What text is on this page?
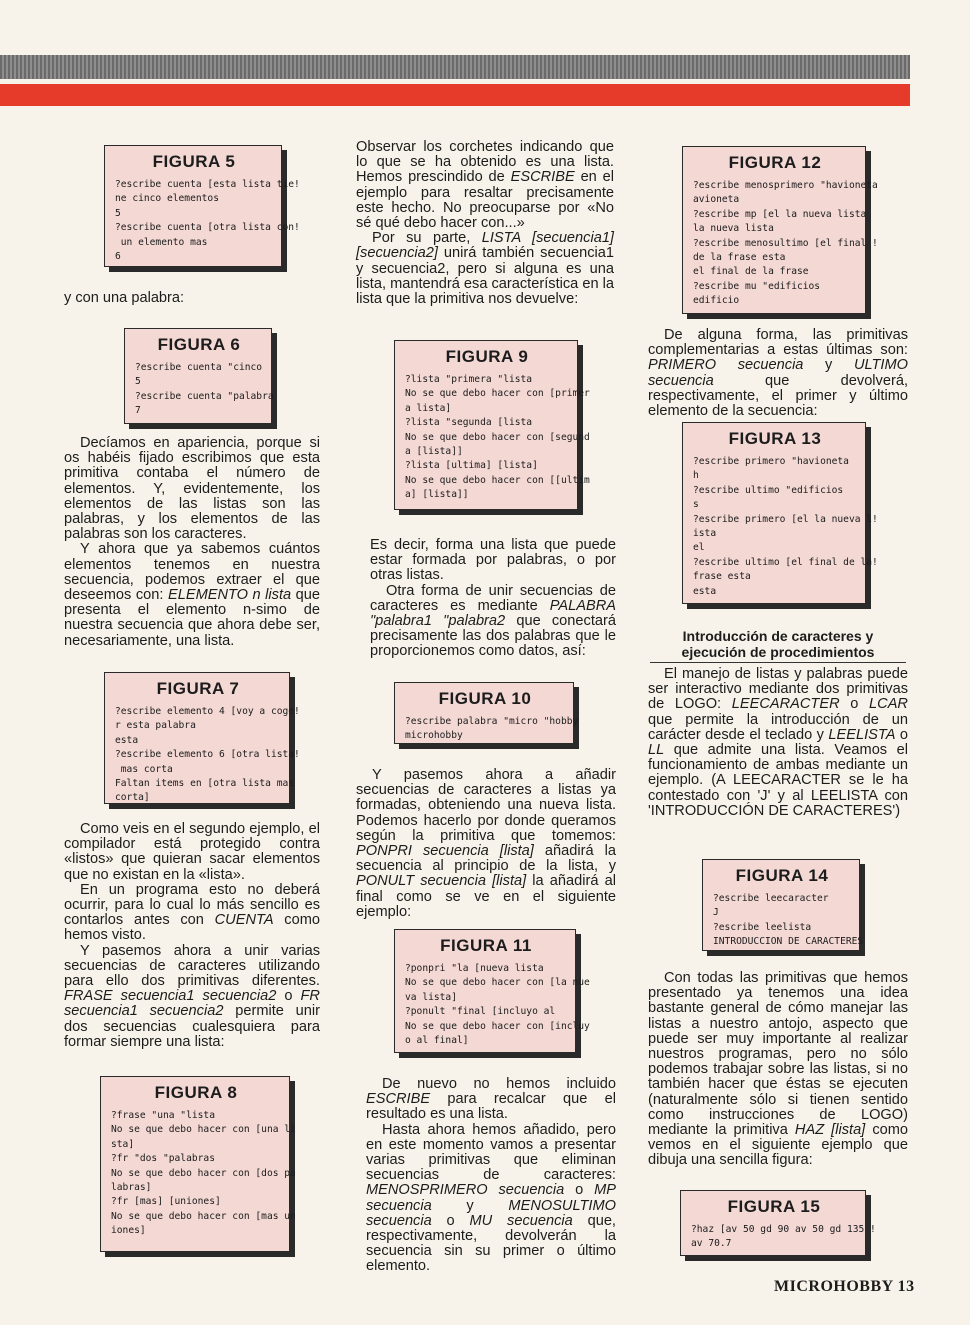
FIGURA 5
?escribe cuenta [esta lista tie!
ne cinco elementos
5
?escribe cuenta [otra lista con!
un elemento mas
6

y con una palabra:

FIGURA 6
?escribe cuenta "cinco
5
?escribe cuenta "palabra
7

Decíamos en apariencia, porque si os habéis fijado escribimos que esta primitiva contaba el número de elementos. Y, evidentemente, los elementos de las listas son las palabras, y los elementos de las palabras son los caracteres.

Y ahora que ya sabemos cuántos elementos tenemos en nuestra secuencia, podemos extraer el que deseemos con: ELEMENTO n lista que presenta el elemento n-simo de nuestra secuencia que ahora debe ser, necesariamente, una lista.

FIGURA 7
?escribe elemento 4 [voy a coge!
r esta palabra
esta
?escribe elemento 6 [otra lista!
mas corta
Faltan items en [otra lista mas
corta]

Como veis en el segundo ejemplo, el compilador está protegido contra «listos» que quieran sacar elementos que no existan en la «lista».

En un programa esto no deberá ocurrir, para lo cual lo más sencillo es contarlos antes con CUENTA como hemos visto.

Y pasemos ahora a unir varias secuencias de caracteres utilizando para ello dos primitivas diferentes. FRASE secuencia1 secuencia2 o FR secuencia1 secuencia2 permite unir dos secuencias cualesquiera para formar siempre una lista:

FIGURA 8
?frase "una "lista
No se que debo hacer con [una li
sta]
?fr "dos "palabras
No se que debo hacer con [dos pa
labras]
?fr [mas] [uniones]
No se que debo hacer con [mas un
iones]

Observar los corchetes indicando que lo que se ha obtenido es una lista. Hemos prescindido de ESCRIBE en el ejemplo para resaltar precisamente este hecho. No preocuparse por «No sé qué debo hacer con...»

Por su parte, LISTA [secuencia1] [secuencia2] unirá también secuencia1 y secuencia2, pero si alguna es una lista, mantendrá esa característica en la lista que la primitiva nos devuelve:

FIGURA 9
?lista "primera "lista
No se que debo hacer con [primer
a lista]
?lista "segunda [lista
No se que debo hacer con [segund
a [lista]]
?lista [ultima] [lista]
No se que debo hacer con [[ultim
a] [lista]]

Es decir, forma una lista que puede estar formada por palabras, o por otras listas.

Otra forma de unir secuencias de caracteres es mediante PALABRA "palabra1 "palabra2 que conectará precisamente las dos palabras que le proporcionemos como datos, así:

FIGURA 10
?escribe palabra "micro "hobby
microhobby

Y pasemos ahora a añadir secuencias de caracteres a listas ya formadas, obteniendo una nueva lista. Podemos hacerlo por donde queramos según la primitiva que tomemos: PONPRI secuencia [lista] añadirá la secuencia al principio de la lista, y PONULT secuencia [lista] la añadirá al final como se ve en el siguiente ejemplo:

FIGURA 11
?ponpri "la [nueva lista
No se que debo hacer con [la nue
va lista]
?ponult "final [incluyo al
No se que debo hacer con [incluy
o al final]

De nuevo no hemos incluido ESCRIBE para recalcar que el resultado es una lista.

Hasta ahora hemos añadido, pero en este momento vamos a presentar varias primitivas que eliminan secuencias de caracteres: MENOSPRIMERO secuencia o MP secuencia y MENOSULTIMO secuencia o MU secuencia que, respectivamente, devolverán la secuencia sin su primer o último elemento.

FIGURA 12
?escribe menosprimero "havioneta
avioneta
?escribe mp [el la nueva lista
la nueva lista
?escribe menosultimo [el final !
de la frase esta
el final de la frase
?escribe mu "edificios
edificio

De alguna forma, las primitivas complementarias a estas últimas son: PRIMERO secuencia y ULTIMO secuencia que devolverá, respectivamente, el primer y último elemento de la secuencia:

FIGURA 13
?escribe primero "havioneta
h
?escribe ultimo "edificios
s
?escribe primero [el la nueva l!
ista
el
?escribe ultimo [el final de la!
frase esta
esta

Introducción de caracteres y ejecución de procedimientos

El manejo de listas y palabras puede ser interactivo mediante dos primitivas de LOGO: LEECARACTER o LCAR que permite la introducción de un carácter desde el teclado y LEELISTA o LL que admite una lista. Veamos el funcionamiento de ambas mediante un ejemplo. (A LEECARACTER se le ha contestado con 'J' y al LEELISTA con 'INTRODUCCIÓN DE CARACTERES')

FIGURA 14
?escribe leecaracter
J
?escribe leelista
INTRODUCCION DE CARACTERES

Con todas las primitivas que hemos presentado ya tenemos una idea bastante general de cómo manejar las listas a nuestro antojo, aspecto que puede ser muy importante al realizar nuestros programas, pero no sólo podemos trabajar sobre las listas, si no también hacer que éstas se ejecuten (naturalmente sólo si tienen sentido como instrucciones de LOGO) mediante la primitiva HAZ [lista] como vemos en el siguiente ejemplo que dibuja una sencilla figura:

FIGURA 15
?haz [av 50 gd 90 av 50 gd 135 !
av 70.7
MICROHOBBY 13
